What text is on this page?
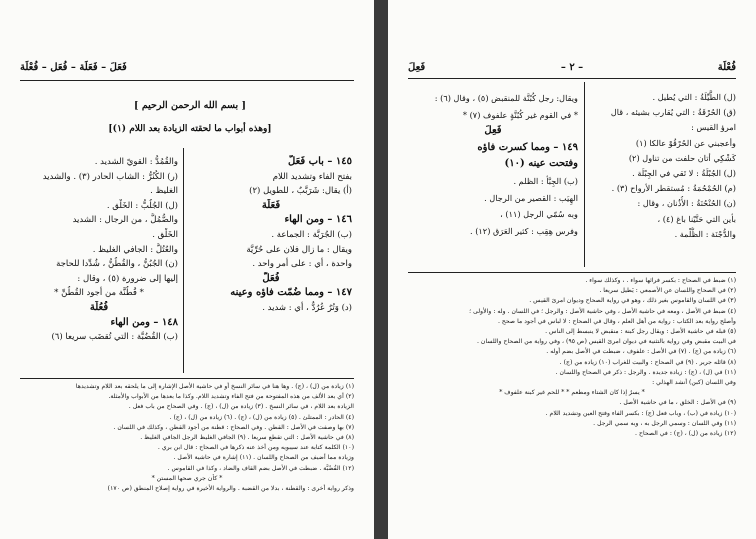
فَعَلَ – فَعَلَة – فُعَل – فُعْلَة
[ بسم الله الرحمن الرحيم ]
[وهذه أبواب ما لحقته الزيادة بعد اللام (١)]
١٤٥ – باب فَعَلَّ
بفتح الفاء وتشديد اللام
(أ) يقال: شَرَبَّبٌ ، للطويل (٢)
فَعَلَة
١٤٦ – ومن الهاء
(ب) الجُرَبَّة : الجماعة .
ويقال : ما زال فلان على حُرِّيَّة
واحدة ، أي : على أمر واحد .
فُعَلَّ
١٤٧ – ومما ضُمّت فاؤه وعينه
(د) وَتُرٌ عُرُدٌّ ، أي : شديد .
والقُمُدُّ : القويّ الشديد .
(ر) الكُنُرُّ : الشاب الحادر (٣) . والشديد
الغليظ .
(ل) الجُلُبُّ : الخَلْق .
والصُّمُلُّ ، من الرجال : الشديد
الخَلْق .
والعُتُلُّ : الجافي الغليظ .
(ن) الجُبُنُّ ، والقُطُنُّ ، شُدِّدا للحاجة
إليها إلى ضرورة (٥) ، وقال :
* قُطُنَّة من أجود القُطُنِّ *
فُعُلَّة
١٤٨ – ومن الهاء
(ب) القُضُبَّة : التي تُقضَب سريعا (٦)
(١) زيادة من (ل) ، (ج) . وها هنا في سائر النسخ أو في حاشية الأصل الإشارة إلى ما يلحقه بعد اللام وتشديدها
(٢) أي بعد الألف من هذه المفتوحة من فتح الفاء وتشديد اللام. وكذا ما بعدها من الأبواب والأمثلة.
الزيادة بعد اللام ، في سائر النسخ . (٣) زيادة من (ل) ، (ج) . وفي الصحاح من باب فعل .
(٤) الحادر : الممتلئ . (٥) زيادة من (ل) ، (ج) . (٦) زيادة من (ل) ، (ج) .
(٧) بها وصفت في الأصل : القطن . وفي الصحاح : قطنة من أجود القطن ، وكذلك في اللسان .
(٨) في حاشية الأصل : التي تقطع سريعا . (٩) الجافي الغليظ الرجل الجافي الغليظ .
(١٠) الكلمة كتابة عند سيبويه ومن أخذ عنه ذكرها في الصحاح : قال ابن بري .
وزيادة مما أضيف من الصحاح واللسان . (١١) إشارة في حاشية الأصل .
(١٢) القُضُبَّة . ضبطت في الأصل بضم القاف والضاد ، وكذا في القاموس .
* كأن جري صحها المستن *
وذكر رواية أخرى : والقطنة ، بدلا من القضبة . والرواية الأخيرة في رواية إصلاح المنطق (ص ١٧٠)
فُعْلَة
– ٢ –
فَعِلَ
(ل) الطَّيِّلَةُ : التي يُطيل .
(ق) الحُرْقَةُ : التي يُقارب بشيئه ، قال
امرؤ القيس :
وأعجبني عن الحُرْقُوْ عالكا (١)
كَشْكِي أتان حلفت من تناول (٢)
(ل) الجُبْلَةُ : لا تَقي في الجِبْلَة .
(م) الحُمْحُمَةُ : مُستقطر الأرواح (٣) .
(ن) الحُنْحُنَةُ : الأُذُنان ، وقال :
بأين التي حَتَّيْنا باغ (٤) ،
والدُّجْنَة : الظُّلْمة .
ويقال: رجل كُبُنَّة للمنقبض (٥) ، وقال (٦) :
* في القوم غير كُبُنَّةٍ علفوف (٧) *
فَعِلَ
١٤٩ – ومما كسرت فاؤه
وفتحت عينه (١٠)
(ب) الجِبَّأ : الظلم .
الهِيَب : القصير من الرجال .
وبه سُمّي الرجل (١١) ،
وفرس هِقِب : كثير العَرَق (١٢) .
(١) ضبط في الصحاح : بكسر فرائها سواء . ، وكذلك سواء .
(٢) في الصحاح واللسان عن الأصمعي : يَطيل سريعا .
(٣) في اللسان والقاموس بغير ذلك ، وهو في رواية الصحاح وديوان امرئ القيس .
(٤) ضبط في الأصل ، ومعه في حاشية الأصل ، وفي حاشية الأصل : والرجل ؛ في اللسان . وله : والأولى ؛
وأصلح رواية بعد الكتاب : رواية من أهل العلم ، وقال في الصحاح : لا لباس في أجود ما صحح .
(٥) قبله في حاشية الأصل : ويقال رجل كبنة : منقبض لا ينبسط إلى الناس .
في البيت مقبض وفي رواية بالتثنية في ديوان امرئ القيس (ص ٩٥) ، وفي رواية من الصحاح واللسان .
(٦) زيادة من (ج) . (٧) في الأصل : علفوف ، ضبطت في الأصل بضم أوله .
(٨) قائله جرير . (٩) في الصحاح : والبيت للغراب (١٠) زيادة من (ج) .
(١١) في (ل) ، (ج) : زيادة جديدة . والرجل : ذكر في الصحاح واللسان .
وفي اللسان (كبن) أنشد الهذلي :
* يسرُ إذا كان الشتاء ومطعم * * للحم غير كبنة علفوف *
(٩) في الأصل : الخلق ، ما في حاشية الأصل .
(١٠) زيادة في (ب) ، وباب فعل (ج) : بكسر الفاء وفتح العين وتشديد اللام .
(١١) وفي اللسان : وسمي الرجل به ، وبه سمي الرجل .
(١٢) زيادة من (ل) ، (ج) : في الصحاح .
